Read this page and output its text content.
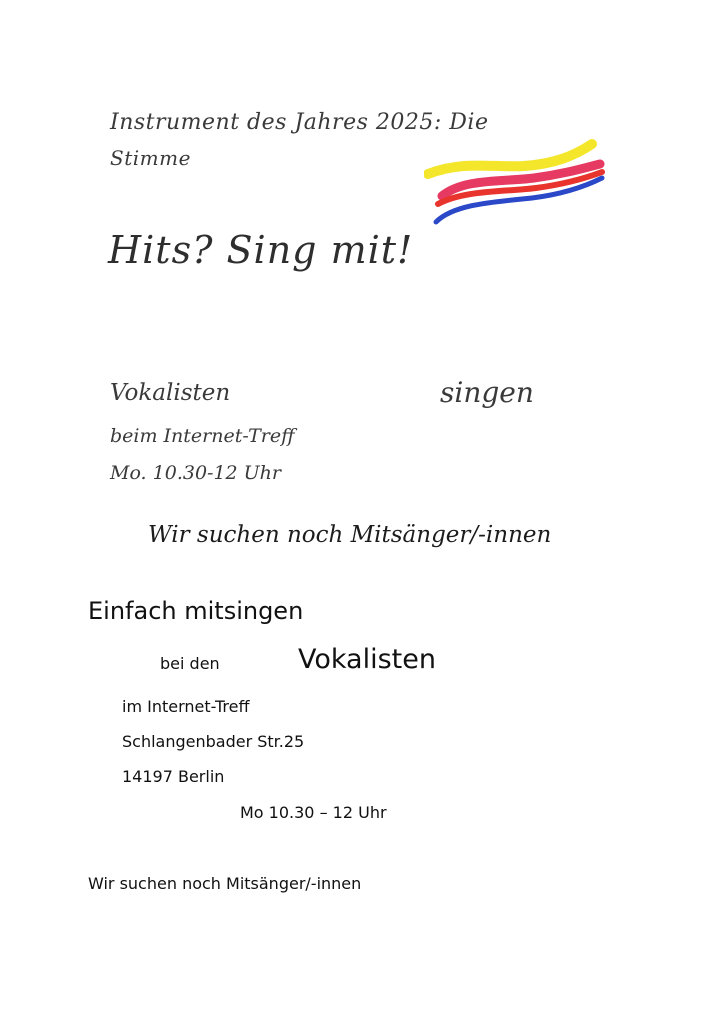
Instrument des Jahres 2025: Die
Stimme
Hits? Sing mit!
Vokalisten	singen
beim Internet-Treff
Mo. 10.30-12 Uhr
Wir suchen noch Mitsänger/-innen
Einfach mitsingen
bei den	Vokalisten
im Internet-Treff
Schlangenbader Str.25
14197 Berlin
Mo 10.30 – 12 Uhr
Wir suchen noch Mitsänger/-innen
